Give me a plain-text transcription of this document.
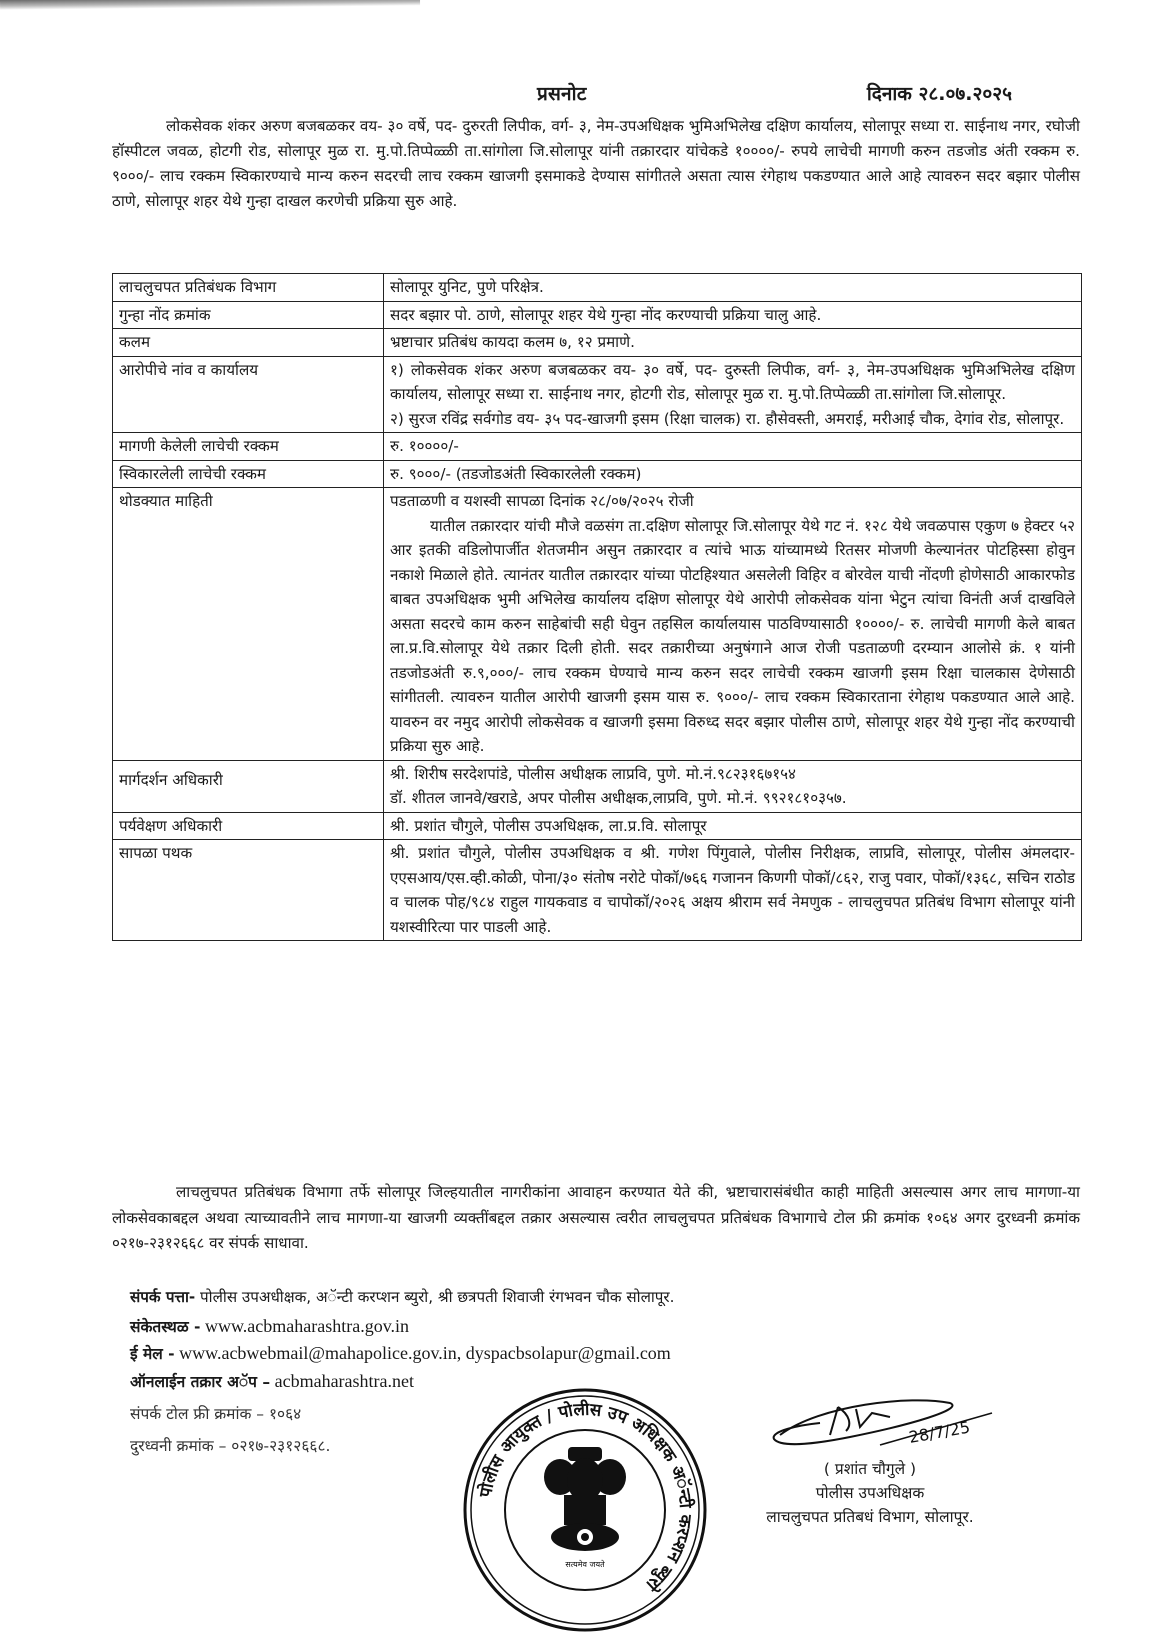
प्रसनोट	दिनाक २८.०७.२०२५

लोकसेवक शंकर अरुण बजबळकर वय- ३० वर्षे, पद- दुरुरती लिपीक, वर्ग- ३, नेम-उपअधिक्षक भुमिअभिलेख दक्षिण कार्यालय, सोलापूर सध्या रा. साईनाथ नगर, रघोजी हॉस्पीटल जवळ, होटगी रोड, सोलापूर मुळ रा. मु.पो.तिप्पेळ्ळी ता.सांगोला जि.सोलापूर यांनी तक्रारदार यांचेकडे १००००/- रुपये लाचेची मागणी करुन तडजोड अंती रक्कम रु. ९०००/- लाच रक्कम स्विकारण्याचे मान्य करुन सदरची लाच रक्कम खाजगी इसमाकडे देण्यास सांगीतले असता त्यास रंगेहाथ पकडण्यात आले आहे त्यावरुन सदर बझार पोलीस ठाणे, सोलापूर शहर येथे गुन्हा दाखल करणेची प्रक्रिया सुरु आहे.

लाचलुचपत प्रतिबंधक विभाग	सोलापूर युनिट, पुणे परिक्षेत्र.
गुन्हा नोंद क्रमांक	सदर बझार पो. ठाणे, सोलापूर शहर येथे गुन्हा नोंद करण्याची प्रक्रिया चालु आहे.
कलम	भ्रष्टाचार प्रतिबंध कायदा कलम ७, १२ प्रमाणे.
आरोपीचे नांव व कार्यालय	१) लोकसेवक शंकर अरुण बजबळकर वय- ३० वर्षे, पद- दुरुस्ती लिपीक, वर्ग- ३, नेम-उपअधिक्षक भुमिअभिलेख दक्षिण कार्यालय, सोलापूर सध्या रा. साईनाथ नगर, होटगी रोड, सोलापूर मुळ रा. मु.पो.तिप्पेळ्ळी ता.सांगोला जि.सोलापूर.
२) सुरज रविंद्र सर्वगोड वय- ३५ पद-खाजगी इसम (रिक्षा चालक) रा. हौसेवस्ती, अमराई, मरीआई चौक, देगांव रोड, सोलापूर.

मागणी केलेली लाचेची रक्कम	रु. १००००/-
स्विकारलेली लाचेची रक्कम	रु. ९०००/- (तडजोडअंती स्विकारलेली रक्कम)
थोडक्यात माहिती	पडताळणी व यशस्वी सापळा दिनांक २८/०७/२०२५ रोजी
यातील तक्रारदार यांची मौजे वळसंग ता.दक्षिण सोलापूर जि.सोलापूर येथे गट नं. १२८ येथे जवळपास एकुण ७ हेक्टर ५२ आर इतकी वडिलोपार्जीत शेतजमीन असुन तक्रारदार व त्यांचे भाऊ यांच्यामध्ये रितसर मोजणी केल्यानंतर पोटहिस्सा होवुन नकाशे मिळाले होते. त्यानंतर यातील तक्रारदार यांच्या पोटहिश्यात असलेली विहिर व बोरवेल याची नोंदणी होणेसाठी आकारफोड बाबत उपअधिक्षक भुमी अभिलेख कार्यालय दक्षिण सोलापूर येथे आरोपी लोकसेवक यांना भेटुन त्यांचा विनंती अर्ज दाखविले असता सदरचे काम करुन साहेबांची सही घेवुन तहसिल कार्यालयास पाठविण्यासाठी १००००/- रु. लाचेची मागणी केले बाबत ला.प्र.वि.सोलापूर येथे तक्रार दिली होती. सदर तक्रारीच्या अनुषंगाने आज रोजी पडताळणी दरम्यान आलोसे क्रं. १ यांनी तडजोडअंती रु.९,०००/- लाच रक्कम घेण्याचे मान्य करुन सदर लाचेची रक्कम खाजगी इसम रिक्षा चालकास देणेसाठी सांगीतली. त्यावरुन यातील आरोपी खाजगी इसम यास रु. ९०००/- लाच रक्कम स्विकारताना रंगेहाथ पकडण्यात आले आहे. यावरुन वर नमुद आरोपी लोकसेवक व खाजगी इसमा विरुध्द सदर बझार पोलीस ठाणे, सोलापूर शहर येथे गुन्हा नोंद करण्याची प्रक्रिया सुरु आहे.

मार्गदर्शन अधिकारी	श्री. शिरीष सरदेशपांडे, पोलीस अधीक्षक लाप्रवि, पुणे. मो.नं.९८२३१६७१५४
डॉ. शीतल जानवे/खराडे, अपर पोलीस अधीक्षक,लाप्रवि, पुणे. मो.नं. ९९२१८१०३५७.

पर्यवेक्षण अधिकारी	श्री. प्रशांत चौगुले, पोलीस उपअधिक्षक, ला.प्र.वि. सोलापूर
सापळा पथक	श्री. प्रशांत चौगुले, पोलीस उपअधिक्षक व श्री. गणेश पिंगुवाले, पोलीस निरीक्षक, लाप्रवि, सोलापूर, पोलीस अंमलदार- एएसआय/एस.व्ही.कोळी, पोना/३० संतोष नरोटे पोकॉ/७६६ गजानन किणगी पोकॉ/८६२, राजु पवार, पोकॉ/१३६८, सचिन राठोड व चालक पोह/९८४ राहुल गायकवाड व चापोकॉ/२०२६ अक्षय श्रीराम सर्व नेमणुक - लाचलुचपत प्रतिबंध विभाग सोलापूर यांनी यशस्वीरित्या पार पाडली आहे.

लाचलुचपत प्रतिबंधक विभागा तर्फे सोलापूर जिल्हयातील नागरीकांना आवाहन करण्यात येते की, भ्रष्टाचारासंबंधीत काही माहिती असल्यास अगर लाच मागणा-या लोकसेवकाबद्दल अथवा त्याच्यावतीने लाच मागणा-या खाजगी व्यक्तींबद्दल तक्रार असल्यास त्वरीत लाचलुचपत प्रतिबंधक विभागाचे टोल फ्री क्रमांक १०६४ अगर दुरध्वनी क्रमांक ०२१७-२३१२६६८ वर संपर्क साधावा.

संपर्क पत्ता- पोलीस उपअधीक्षक, अॅन्टी करप्शन ब्युरो, श्री छत्रपती शिवाजी रंगभवन चौक सोलापूर.
संकेतस्थळ - www.acbmaharashtra.gov.in
ई मेल - www.acbwebmail@mahapolice.gov.in, dyspacbsolapur@gmail.com
ऑनलाईन तक्रार अॅप – acbmaharashtra.net
संपर्क टोल फ्री क्रमांक – १०६४
दुरध्वनी क्रमांक – ०२१७-२३१२६६८.
पोलीस आयुक्त / पोलीस उप अधिक्षक अॅन्टी करप्शन ब्युरो
सत्यमेव जयते
28/7/25
( प्रशांत चौगुले )
पोलीस उपअधिक्षक
लाचलुचपत प्रतिबधं विभाग, सोलापूर.
